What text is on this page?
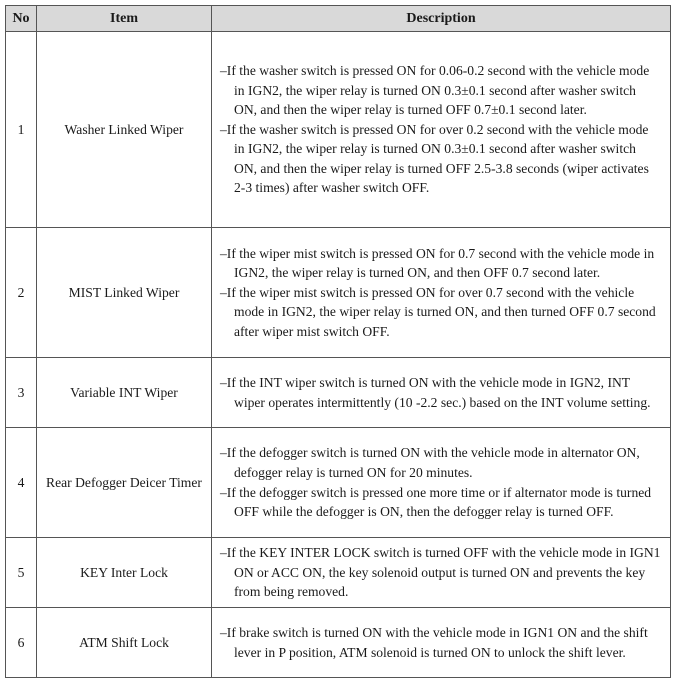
No	Item	Description
1	Washer Linked Wiper	–If the washer switch is pressed ON for 0.06-0.2 second with the vehicle mode in IGN2, the wiper relay is turned ON 0.3±0.1 second after washer switch ON, and then the wiper relay is turned OFF 0.7±0.1 second later.
–If the washer switch is pressed ON for over 0.2 second with the vehicle mode in IGN2, the wiper relay is turned ON 0.3±0.1 second after washer switch ON, and then the wiper relay is turned OFF 2.5-3.8 seconds (wiper activates 2-3 times) after washer switch OFF.

2	MIST Linked Wiper	–If the wiper mist switch is pressed ON for 0.7 second with the vehicle mode in IGN2, the wiper relay is turned ON, and then OFF 0.7 second later.
–If the wiper mist switch is pressed ON for over 0.7 second with the vehicle mode in IGN2, the wiper relay is turned ON, and then turned OFF 0.7 second after wiper mist switch OFF.

3	Variable INT Wiper	–If the INT wiper switch is turned ON with the vehicle mode in IGN2, INT wiper operates intermittently (10 -2.2 sec.) based on the INT volume setting.

4	Rear Defogger Deicer Timer	–If the defogger switch is turned ON with the vehicle mode in alternator ON, defogger relay is turned ON for 20 minutes.
–If the defogger switch is pressed one more time or if alternator mode is turned OFF while the defogger is ON, then the defogger relay is turned OFF.

5	KEY Inter Lock	–If the KEY INTER LOCK switch is turned OFF with the vehicle mode in IGN1 ON or ACC ON, the key solenoid output is turned ON and prevents the key from being removed.

6	ATM Shift Lock	–If brake switch is turned ON with the vehicle mode in IGN1 ON and the shift lever in P position, ATM solenoid is turned ON to unlock the shift lever.
